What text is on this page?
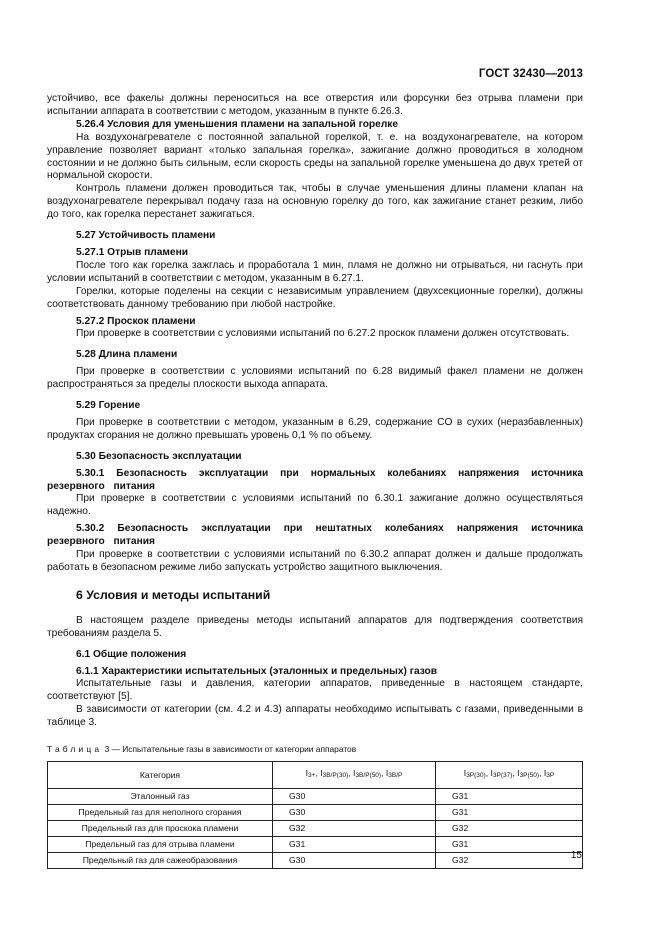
ГОСТ 32430—2013

устойчиво, все факелы должны переноситься на все отверстия или форсунки без отрыва пламени при испытании аппарата в соответствии с методом, указанным в пункте 6.26.3.

5.26.4 Условия для уменьшения пламени на запальной горелке

На воздухонагревателе с постоянной запальной горелкой, т. е. на воздухонагревателе, на котором управление позволяет вариант «только запальная горелка», зажигание должно проводиться в холодном состоянии и не должно быть сильным, если скорость среды на запальной горелке уменьшена до двух третей от нормальной скорости.

Контроль пламени должен проводиться так, чтобы в случае уменьшения длины пламени клапан на воздухонагревателе перекрывал подачу газа на основную горелку до того, как зажигание станет резким, либо до того, как горелка перестанет зажигаться.

5.27 Устойчивость пламени

5.27.1 Отрыв пламени

После того как горелка зажглась и проработала 1 мин, пламя не должно ни отрываться, ни гаснуть при условии испытаний в соответствии с методом, указанным в 6.27.1.

Горелки, которые поделены на секции с независимым управлением (двухсекционные горелки), должны соответствовать данному требованию при любой настройке.

5.27.2 Проскок пламени

При проверке в соответствии с условиями испытаний по 6.27.2 проскок пламени должен отсутствовать.

5.28 Длина пламени

При проверке в соответствии с условиями испытаний по 6.28 видимый факел пламени не должен распространяться за пределы плоскости выхода аппарата.

5.29 Горение

При проверке в соответствии с методом, указанным в 6.29, содержание CO в сухих (неразбавленных) продуктах сгорания не должно превышать уровень 0,1 % по объему.

5.30 Безопасность эксплуатации

5.30.1 Безопасность эксплуатации при нормальных колебаниях напряжения источника резервного питания

При проверке в соответствии с условиями испытаний по 6.30.1 зажигание должно осуществляться надежно.

5.30.2 Безопасность эксплуатации при нештатных колебаниях напряжения источника резервного питания

При проверке в соответствии с условиями испытаний по 6.30.2 аппарат должен и дальше продолжать работать в безопасном режиме либо запускать устройство защитного выключения.

6 Условия и методы испытаний

В настоящем разделе приведены методы испытаний аппаратов для подтверждения соответствия требованиям раздела 5.

6.1 Общие положения

6.1.1 Характеристики испытательных (эталонных и предельных) газов

Испытательные газы и давления, категории аппаратов, приведенные в настоящем стандарте, соответствуют [5].

В зависимости от категории (см. 4.2 и 4.3) аппараты необходимо испытывать с газами, приведенными в таблице 3.

Таблица 3 — Испытательные газы в зависимости от категории аппаратов
Категория	$I_{3+}$, $I_{3B/P(30)}$, $I_{3B/P(50)}$, $I_{3B/P}$	$I_{3P(30)}$, $I_{3P(37)}$, $I_{3P(50)}$, $I_{3P}$
Эталонный газ	G30	G31
Предельный газ для неполного сгорания	G30	G31
Предельный газ для проскока пламени	G32	G32
Предельный газ для отрыва пламени	G31	G31
Предельный газ для сажеобразования	G30	G32	15
